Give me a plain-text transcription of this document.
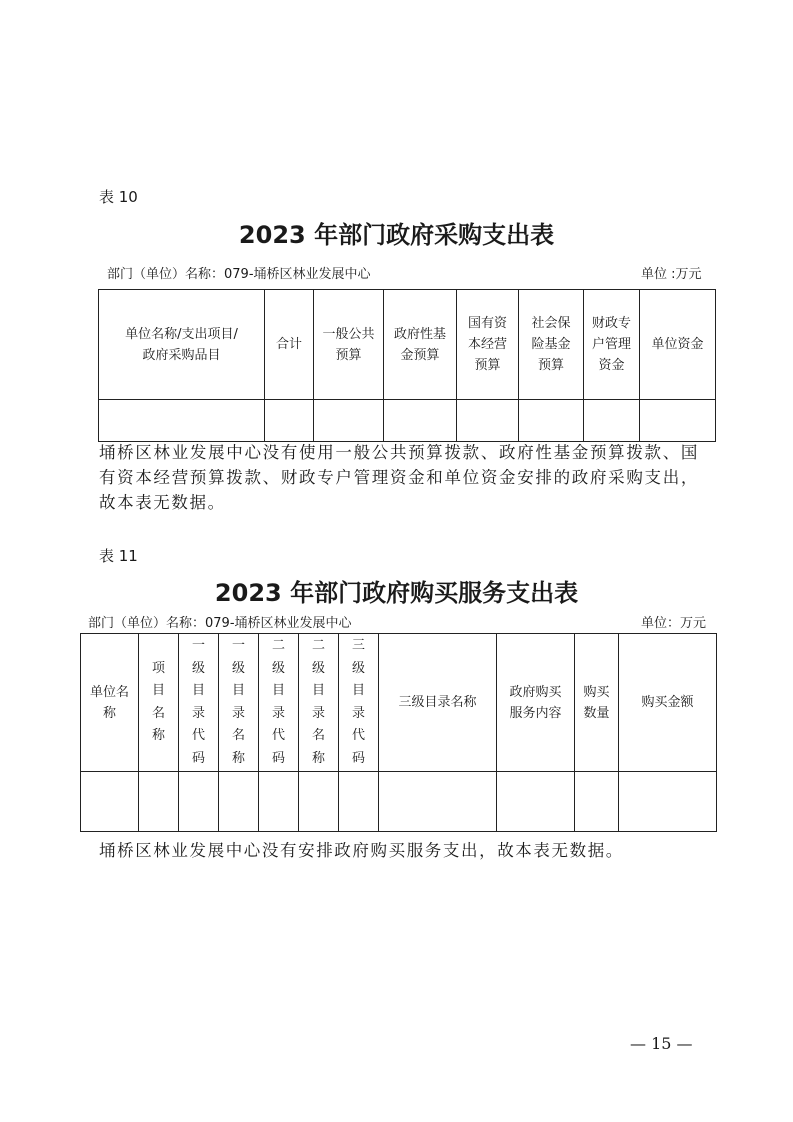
表 10
2023 年部门政府采购支出表
部门（单位）名称：079-埇桥区林业发展中心	单位 :万元
单位名称/支出项目/政府采购品目	合计	一般公共预算	政府性基金预算	国有资本经营预算	社会保险基金预算	财政专户管理资金	单位资金

埇桥区林业发展中心没有使用一般公共预算拨款、政府性基金预算拨款、国有资本经营预算拨款、财政专户管理资金和单位资金安排的政府采购支出，故本表无数据。
表 11
2023 年部门政府购买服务支出表
部门（单位）名称：079-埇桥区林业发展中心	单位：万元
单位名称	项目名称	一级目录代码	一级目录名称	二级目录代码	二级目录名称	三级目录代码	三级目录名称	政府购买服务内容	购买数量	购买金额

埇桥区林业发展中心没有安排政府购买服务支出，故本表无数据。
— 15 —
